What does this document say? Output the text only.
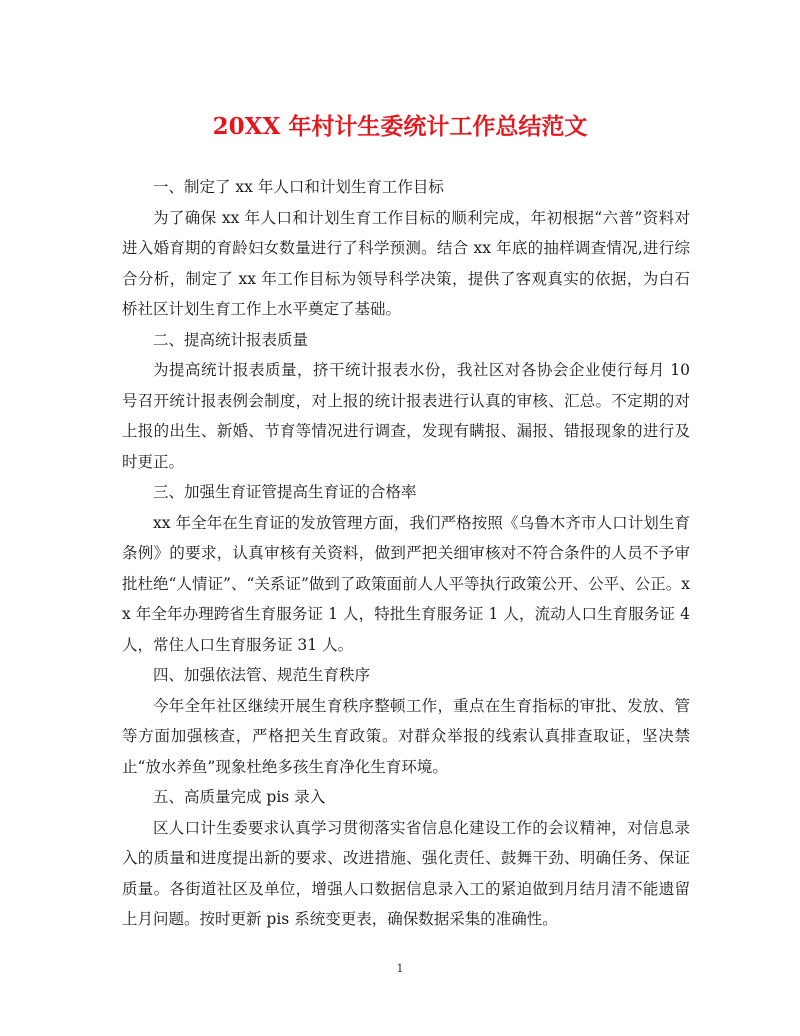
20XX 年村计生委统计工作总结范文

一、制定了 xx 年人口和计划生育工作目标

为了确保 xx 年人口和计划生育工作目标的顺利完成，年初根据“六普”资料对进入婚育期的育龄妇女数量进行了科学预测。结合 xx 年底的抽样调查情况,进行综合分析，制定了 xx 年工作目标为领导科学决策，提供了客观真实的依据，为白石桥社区计划生育工作上水平奠定了基础。

二、提高统计报表质量

为提高统计报表质量，挤干统计报表水份，我社区对各协会企业使行每月 10 号召开统计报表例会制度，对上报的统计报表进行认真的审核、汇总。不定期的对上报的出生、新婚、节育等情况进行调查，发现有瞒报、漏报、错报现象的进行及时更正。

三、加强生育证管提高生育证的合格率

xx 年全年在生育证的发放管理方面，我们严格按照《乌鲁木齐市人口计划生育条例》的要求，认真审核有关资料，做到严把关细审核对不符合条件的人员不予审批杜绝“人情证”、“关系证”做到了政策面前人人平等执行政策公开、公平、公正。xx 年全年办理跨省生育服务证 1 人，特批生育服务证 1 人，流动人口生育服务证 4 人，常住人口生育服务证 31 人。

四、加强依法管、规范生育秩序

今年全年社区继续开展生育秩序整顿工作，重点在生育指标的审批、发放、管等方面加强核查，严格把关生育政策。对群众举报的线索认真排查取证，坚决禁止“放水养鱼”现象杜绝多孩生育净化生育环境。

五、高质量完成 pis 录入

区人口计生委要求认真学习贯彻落实省信息化建设工作的会议精神，对信息录入的质量和进度提出新的要求、改进措施、强化责任、鼓舞干劲、明确任务、保证质量。各街道社区及单位，增强人口数据信息录入工的紧迫做到月结月清不能遗留上月问题。按时更新 pis 系统变更表，确保数据采集的准确性。

1
